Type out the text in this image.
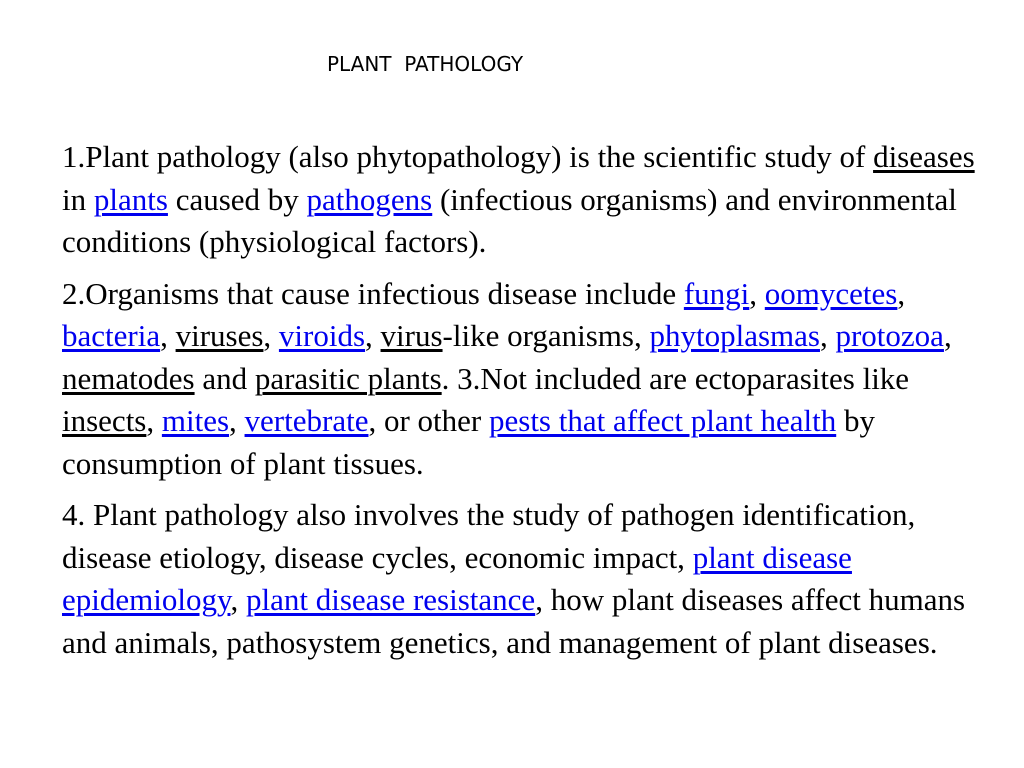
PLANT  PATHOLOGY

1.Plant pathology (also phytopathology) is the scientific study of diseases in plants caused by pathogens (infectious organisms) and environmental conditions (physiological factors).

2.Organisms that cause infectious disease include fungi, oomycetes, bacteria, viruses, viroids, virus-like organisms, phytoplasmas, protozoa, nematodes and parasitic plants. 3.Not included are ectoparasites like insects, mites, vertebrate, or other pests that affect plant health by consumption of plant tissues.

4. Plant pathology also involves the study of pathogen identification, disease etiology, disease cycles, economic impact, plant disease epidemiology, plant disease resistance, how plant diseases affect humans and animals, pathosystem genetics, and management of plant diseases.
